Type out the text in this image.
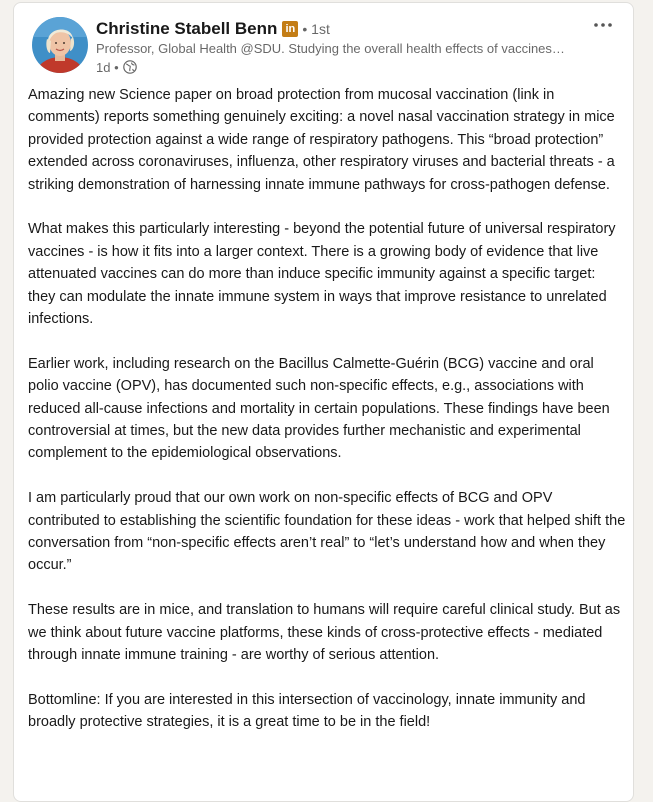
Christine Stabell Benn in • 1st
Professor, Global Health @SDU. Studying the overall health effects of vaccines…
1d •

Amazing new Science paper on broad protection from mucosal vaccination (link in comments) reports something genuinely exciting: a novel nasal vaccination strategy in mice provided protection against a wide range of respiratory pathogens. This “broad protection” extended across coronaviruses, influenza, other respiratory viruses and bacterial threats - a striking demonstration of harnessing innate immune pathways for cross-pathogen defense.

What makes this particularly interesting - beyond the potential future of universal respiratory vaccines - is how it fits into a larger context. There is a growing body of evidence that live attenuated vaccines can do more than induce specific immunity against a specific target: they can modulate the innate immune system in ways that improve resistance to unrelated infections.

Earlier work, including research on the Bacillus Calmette-Guérin (BCG) vaccine and oral polio vaccine (OPV), has documented such non-specific effects, e.g., associations with reduced all-cause infections and mortality in certain populations. These findings have been controversial at times, but the new data provides further mechanistic and experimental complement to the epidemiological observations.

I am particularly proud that our own work on non-specific effects of BCG and OPV contributed to establishing the scientific foundation for these ideas - work that helped shift the conversation from “non-specific effects aren’t real” to “let’s understand how and when they occur.”

These results are in mice, and translation to humans will require careful clinical study. But as we think about future vaccine platforms, these kinds of cross-protective effects - mediated through innate immune training - are worthy of serious attention.

Bottomline: If you are interested in this intersection of vaccinology, innate immunity and broadly protective strategies, it is a great time to be in the field!
